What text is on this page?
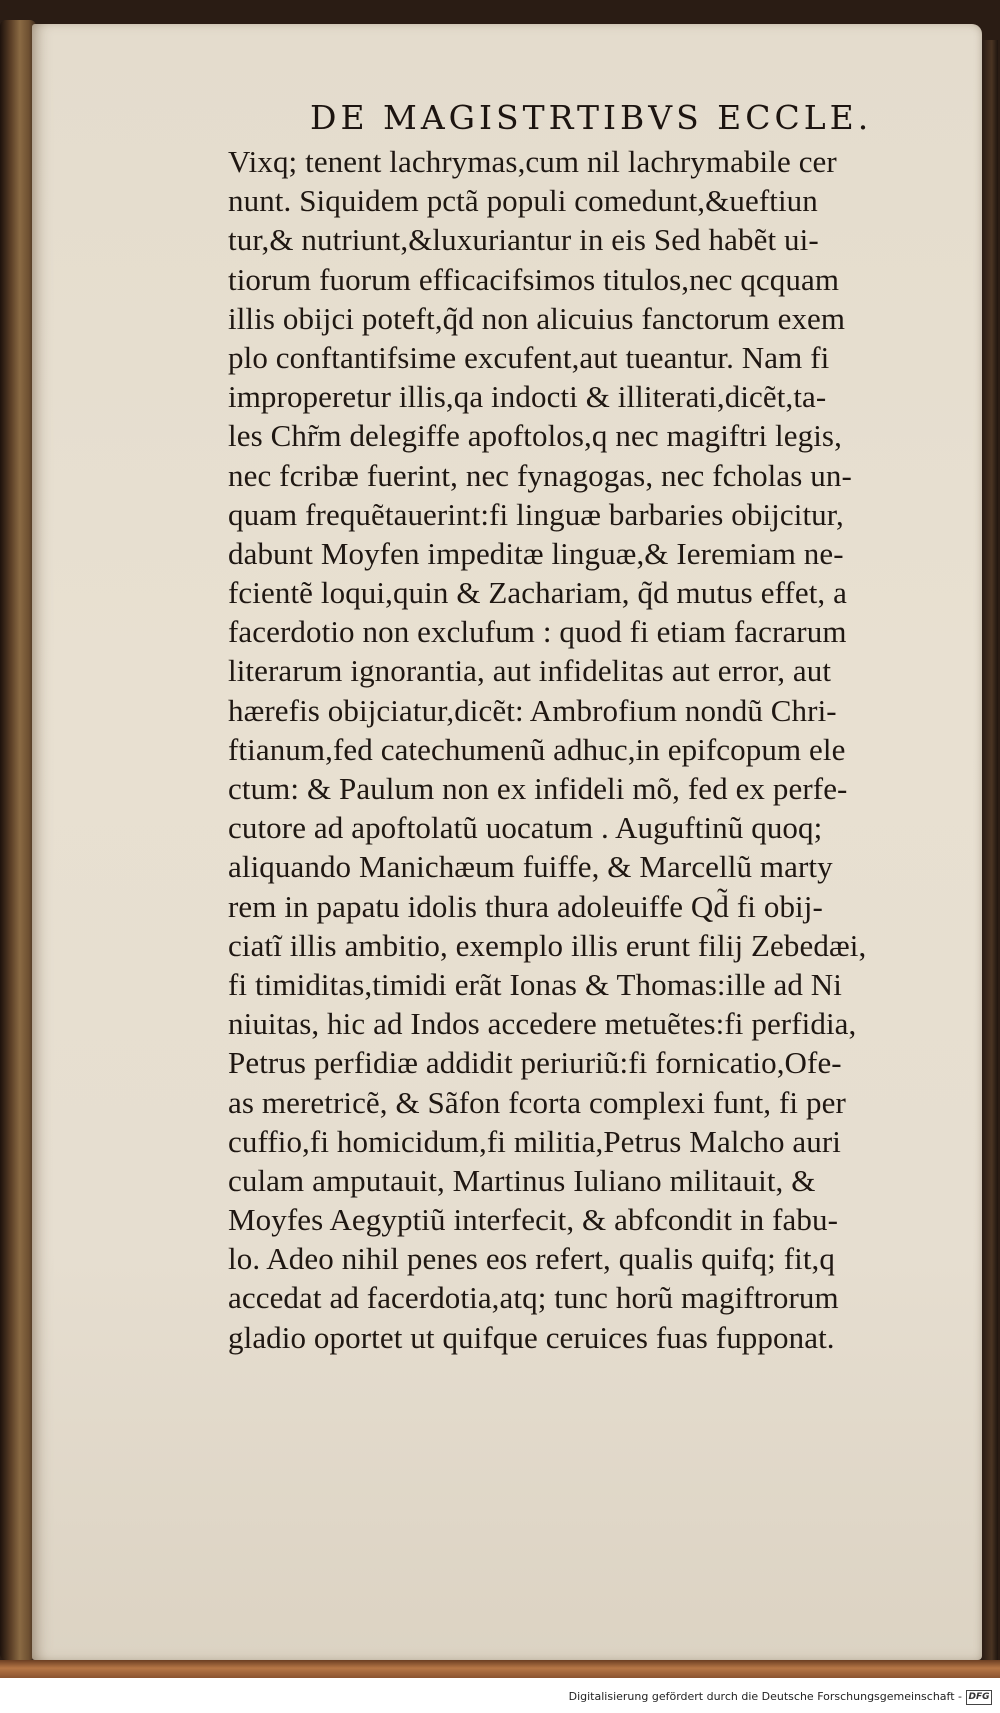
DE MAGISTRTIBVS ECCLE.
Vixq; tenent lachrymas,cum nil lachrymabile cer
nunt. Siquidem pctã populi comedunt,&ueftiun
tur,& nutriunt,&luxuriantur in eis Sed habẽt ui-
tiorum fuorum efficacifsimos titulos,nec qcquam
illis obijci poteft,q̃d non alicuius fanctorum exem
plo conftantifsime excufent,aut tueantur. Nam fi
improperetur illis,qa indocti & illiterati,dicẽt,ta-
les Chr̃m delegiffe apoftolos,q nec magiftri legis,
nec fcribæ fuerint, nec fynagogas, nec fcholas un-
quam frequẽtauerint:fi linguæ barbaries obijcitur,
dabunt Moyfen impeditæ linguæ,& Ieremiam ne-
fcientẽ loqui,quin & Zachariam, q̃d mutus effet, a
facerdotio non exclufum : quod fi etiam facrarum
literarum ignorantia, aut infidelitas aut error, aut
hærefis obijciatur,dicẽt: Ambrofium nondũ Chri-
ftianum,fed catechumenũ adhuc,in epifcopum ele
ctum: & Paulum non ex infideli mõ, fed ex perfe-
cutore ad apoftolatũ uocatum . Auguftinũ quoq;
aliquando Manichæum fuiffe, & Marcellũ marty
rem in papatu idolis thura adoleuiffe Qd̃ fi obij-
ciatĩ illis ambitio, exemplo illis erunt filij Zebedæi,
fi timiditas,timidi erãt Ionas & Thomas:ille ad Ni
niuitas, hic ad Indos accedere metuẽtes:fi perfidia,
Petrus perfidiæ addidit periuriũ:fi fornicatio,Ofe-
as meretricẽ, & Sãfon fcorta complexi funt, fi per
cuffio,fi homicidum,fi militia,Petrus Malcho auri
culam amputauit, Martinus Iuliano militauit, &
Moyfes Aegyptiũ interfecit, & abfcondit in fabu-
lo. Adeo nihil penes eos refert, qualis quifq; fit,q
accedat ad facerdotia,atq; tunc horũ magiftrorum
gladio oportet ut quifque ceruices fuas fupponat.
Digitalisierung gefördert durch die Deutsche Forschungsgemeinschaft - DFG
